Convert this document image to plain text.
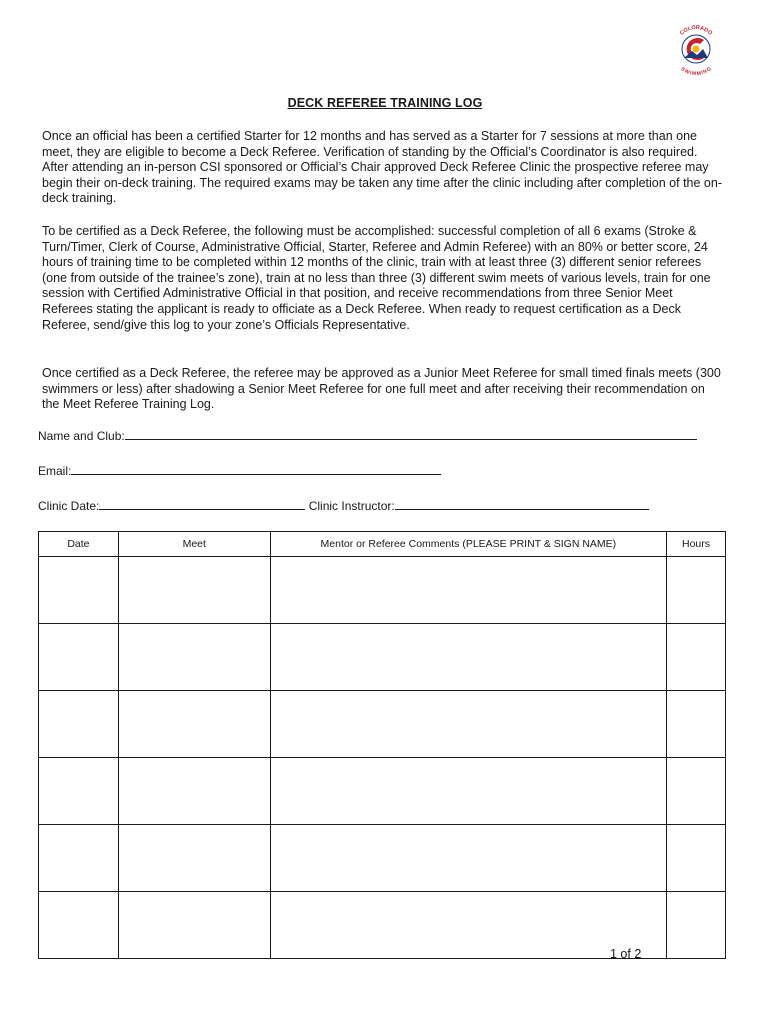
COLORADO
SWIMMING
DECK REFEREE TRAINING LOG

Once an official has been a certified Starter for 12 months and has served as a Starter for 7 sessions at more than one meet, they are eligible to become a Deck Referee. Verification of standing by the Official’s Coordinator is also required. After attending an in-person CSI sponsored or Official’s Chair approved Deck Referee Clinic the prospective referee may begin their on-deck training. The required exams may be taken any time after the clinic including after completion of the on-deck training.

To be certified as a Deck Referee, the following must be accomplished: successful completion of all 6 exams (Stroke & Turn/Timer, Clerk of Course, Administrative Official, Starter, Referee and Admin Referee) with an 80% or better score, 24 hours of training time to be completed within 12 months of the clinic, train with at least three (3) different senior referees (one from outside of the trainee’s zone), train at no less than three (3) different swim meets of various levels, train for one session with Certified Administrative Official in that position, and receive recommendations from three Senior Meet Referees stating the applicant is ready to officiate as a Deck Referee. When ready to request certification as a Deck Referee, send/give this log to your zone’s Officials Representative.

Once certified as a Deck Referee, the referee may be approved as a Junior Meet Referee for small timed finals meets (300 swimmers or less) after shadowing a Senior Meet Referee for one full meet and after receiving their recommendation on the Meet Referee Training Log.

Name and Club:
Email:
Clinic Date:	Clinic Instructor:
Date	Meet	Mentor or Referee Comments (PLEASE PRINT & SIGN NAME)	Hours

1 of 2
